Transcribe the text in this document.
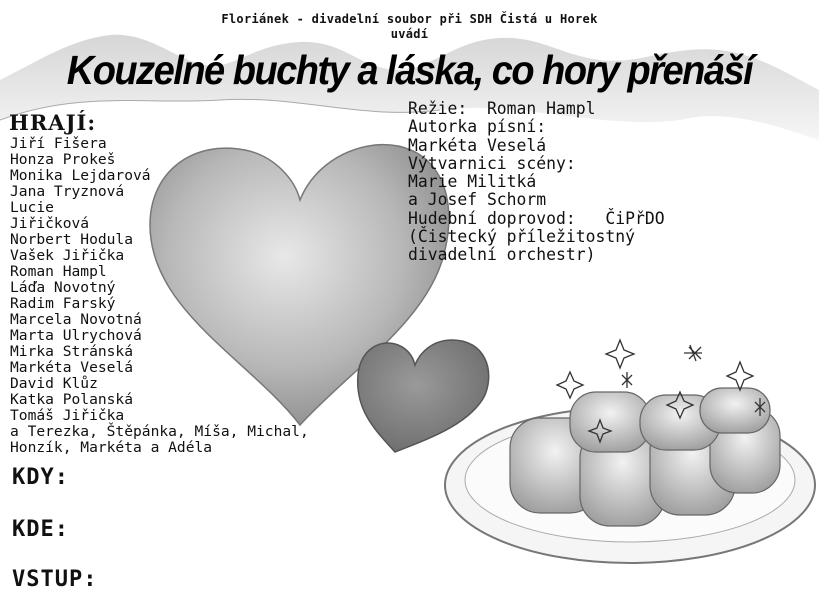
Floriánek - divadelní soubor při SDH Čistá u Horek
uvádí
Kouzelné buchty a láska, co hory přenáší
HRAJÍ:
Jiří Fišera
Honza Prokeš
Monika Lejdarová
Jana Tryznová
Lucie
Jiřičková
Norbert Hodula
Vašek Jiřička
Roman Hampl
Láďa Novotný
Radim Farský
Marcela Novotná
Marta Ulrychová
Mirka Stránská
Markéta Veselá
David Klůz
Katka Polanská
Tomáš Jiřička
a Terezka, Štěpánka, Míša, Michal,
Honzík, Markéta a Adéla
Režie:  Roman Hampl
Autorka písní:
Markéta Veselá
Výtvarnici scény:
Marie Militká
a Josef Schorm
Hudební doprovod:   ČiPřDO
(Čistecký příležitostný
divadelní orchestr)
KDY:
KDE:
VSTUP:
